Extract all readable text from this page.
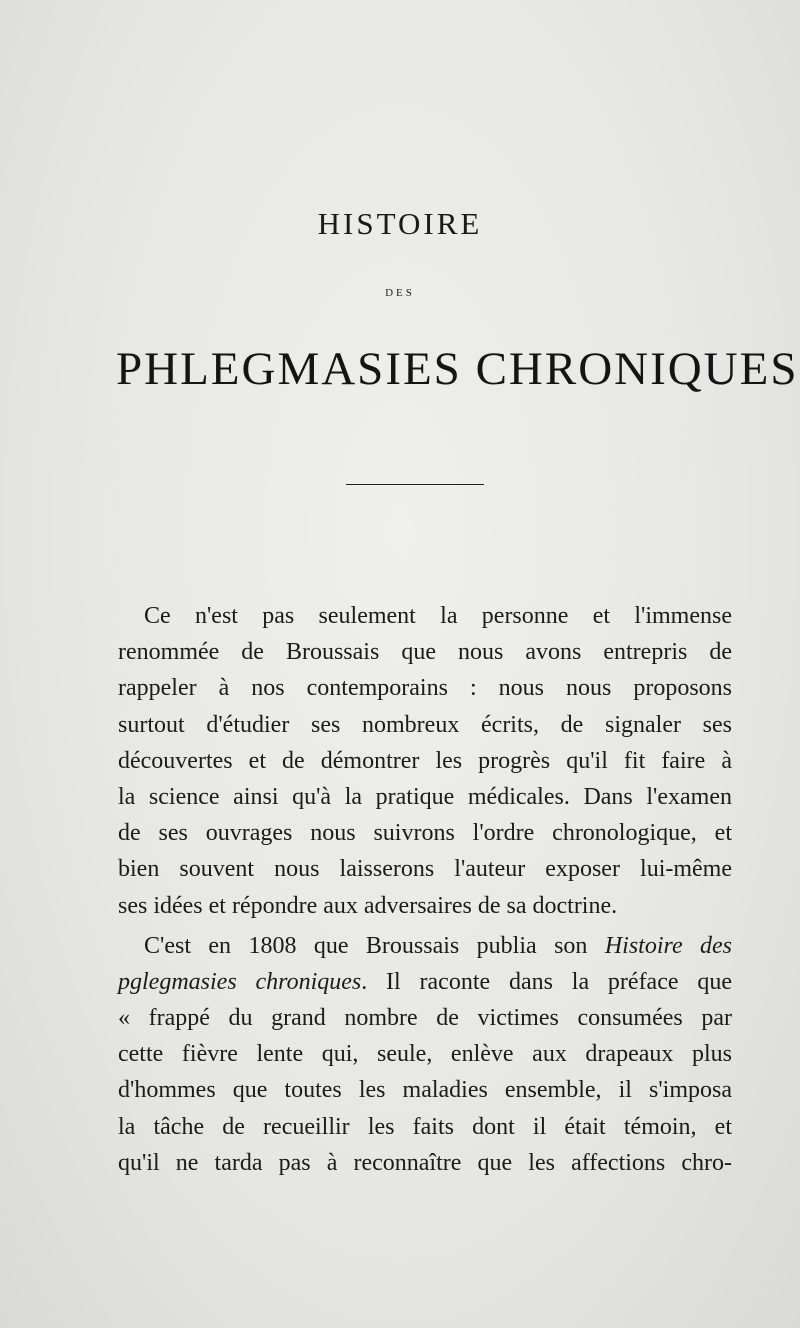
HISTOIRE
DES
PHLEGMASIES CHRONIQUES
Ce n'est pas seulement la personne et l'immense
renommée de Broussais que nous avons entrepris de
rappeler à nos contemporains : nous nous proposons
surtout d'étudier ses nombreux écrits, de signaler ses
découvertes et de démontrer les progrès qu'il fit faire à
la science ainsi qu'à la pratique médicales. Dans l'examen
de ses ouvrages nous suivrons l'ordre chronologique, et
bien souvent nous laisserons l'auteur exposer lui-même
ses idées et répondre aux adversaires de sa doctrine.
C'est en 1808 que Broussais publia son Histoire des
pglegmasies chroniques. Il raconte dans la préface que
« frappé du grand nombre de victimes consumées par
cette fièvre lente qui, seule, enlève aux drapeaux plus
d'hommes que toutes les maladies ensemble, il s'imposa
la tâche de recueillir les faits dont il était témoin, et
qu'il ne tarda pas à reconnaître que les affections chro-
